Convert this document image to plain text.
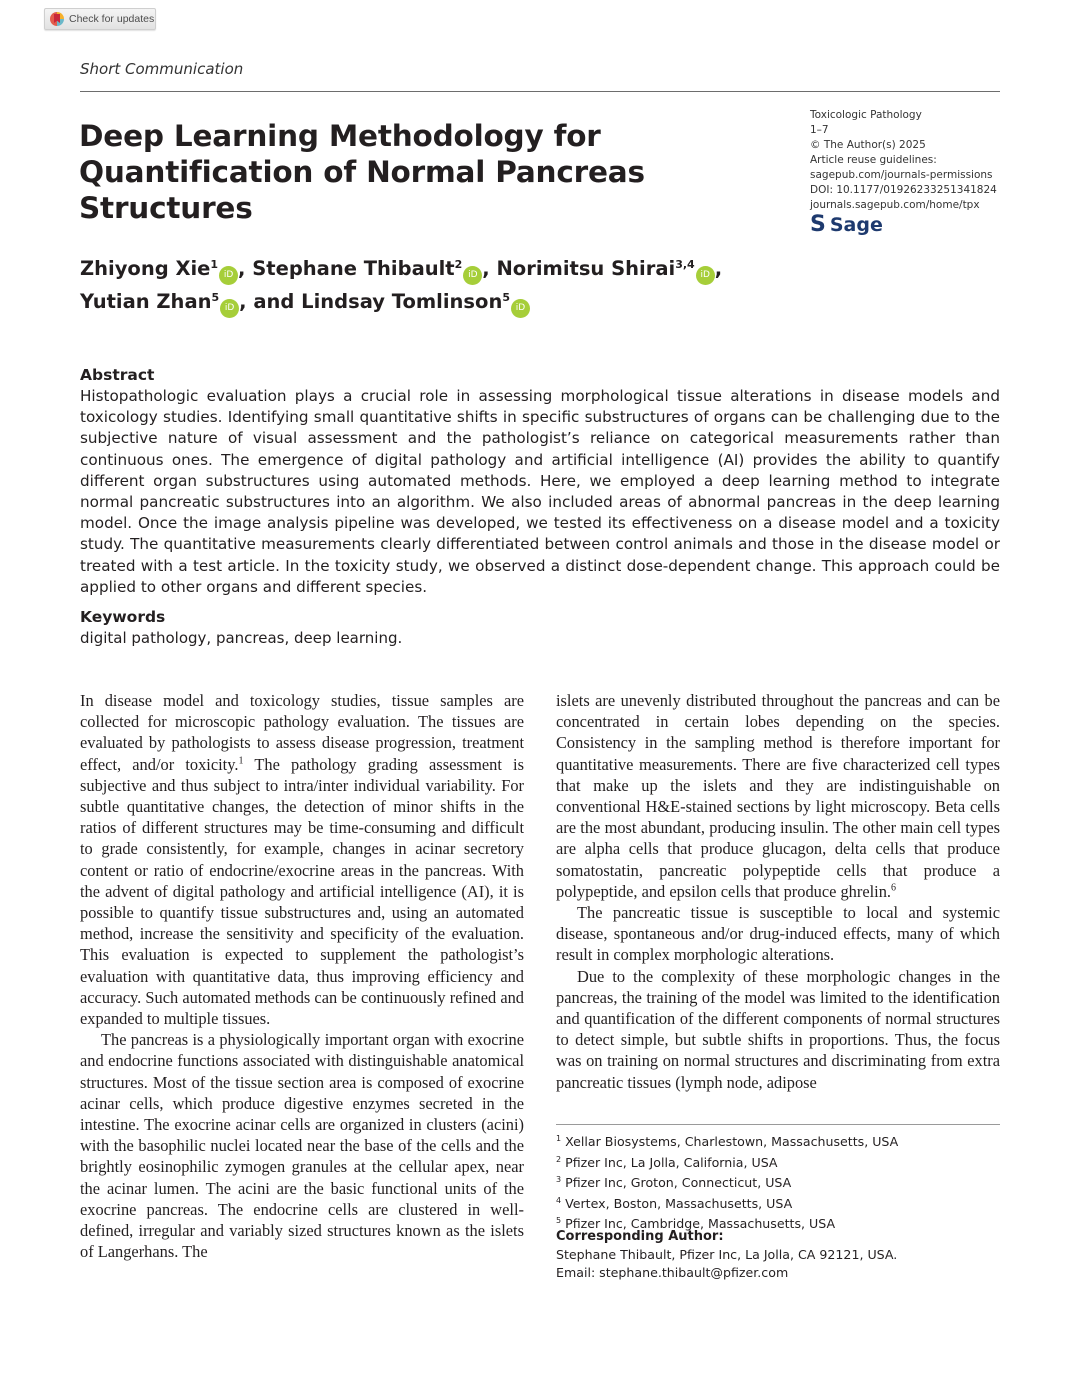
Check for updates
Short Communication
Deep Learning Methodology for Quantification of Normal Pancreas Structures
Toxicologic Pathology
1–7
© The Author(s) 2025
Article reuse guidelines:
sagepub.com/journals-permissions
DOI: 10.1177/01926233251341824
journals.sagepub.com/home/tpx
S Sage
Zhiyong Xie$^1$iD , Stephane Thibault$^2$iD , Norimitsu Shirai$^{3,4}$iD ,
Yutian Zhan$^5$iD , and Lindsay Tomlinson$^5$iD
Abstract
Histopathologic evaluation plays a crucial role in assessing morphological tissue alterations in disease models and toxicology studies. Identifying small quantitative shifts in specific substructures of organs can be challenging due to the subjective nature of visual assessment and the pathologist’s reliance on categorical measurements rather than continuous ones. The emergence of digital pathology and artificial intelligence (AI) provides the ability to quantify different organ substructures using automated methods. Here, we employed a deep learning method to integrate normal pancreatic substructures into an algorithm. We also included areas of abnormal pancreas in the deep learning model. Once the image analysis pipeline was developed, we tested its effectiveness on a disease model and a toxicity study. The quantitative measurements clearly differentiated between control animals and those in the disease model or treated with a test article. In the toxicity study, we observed a distinct dose-dependent change. This approach could be applied to other organs and different species.
Keywords
digital pathology, pancreas, deep learning.

In disease model and toxicology studies, tissue samples are collected for microscopic pathology evaluation. The tissues are evaluated by pathologists to assess disease progression, treatment effect, and/or toxicity.$^1$ The pathology grading assessment is subjective and thus subject to intra/inter individual variability. For subtle quantitative changes, the detection of minor shifts in the ratios of different structures may be time-consuming and difficult to grade consistently, for example, changes in acinar secretory content or ratio of endocrine/exocrine areas in the pancreas. With the advent of digital pathology and artificial intelligence (AI), it is possible to quantify tissue substructures and, using an automated method, increase the sensitivity and specificity of the evaluation. This evaluation is expected to supplement the pathologist’s evaluation with quantitative data, thus improving efficiency and accuracy. Such automated methods can be continuously refined and expanded to multiple tissues.

The pancreas is a physiologically important organ with exocrine and endocrine functions associated with distinguishable anatomical structures. Most of the tissue section area is composed of exocrine acinar cells, which produce digestive enzymes secreted in the intestine. The exocrine acinar cells are organized in clusters (acini) with the basophilic nuclei located near the base of the cells and the brightly eosinophilic zymogen granules at the cellular apex, near the acinar lumen. The acini are the basic functional units of the exocrine pancreas. The endocrine cells are clustered in well-defined, irregular and variably sized structures known as the islets of Langerhans. The

islets are unevenly distributed throughout the pancreas and can be concentrated in certain lobes depending on the species. Consistency in the sampling method is therefore important for quantitative measurements. There are five characterized cell types that make up the islets and they are indistinguishable on conventional H&E-stained sections by light microscopy. Beta cells are the most abundant, producing insulin. The other main cell types are alpha cells that produce glucagon, delta cells that produce somatostatin, pancreatic polypeptide cells that produce a polypeptide, and epsilon cells that produce ghrelin.$^6$

The pancreatic tissue is susceptible to local and systemic disease, spontaneous and/or drug-induced effects, many of which result in complex morphologic alterations.

Due to the complexity of these morphologic changes in the pancreas, the training of the model was limited to the identification and quantification of the different components of normal structures to detect simple, but subtle shifts in proportions. Thus, the focus was on training on normal structures and discriminating from extra pancreatic tissues (lymph node, adipose

$^1$ Xellar Biosystems, Charlestown, Massachusetts, USA
$^2$ Pfizer Inc, La Jolla, California, USA
$^3$ Pfizer Inc, Groton, Connecticut, USA
$^4$ Vertex, Boston, Massachusetts, USA
$^5$ Pfizer Inc, Cambridge, Massachusetts, USA
Corresponding Author:
Stephane Thibault, Pfizer Inc, La Jolla, CA 92121, USA.
Email: stephane.thibault@pfizer.com
